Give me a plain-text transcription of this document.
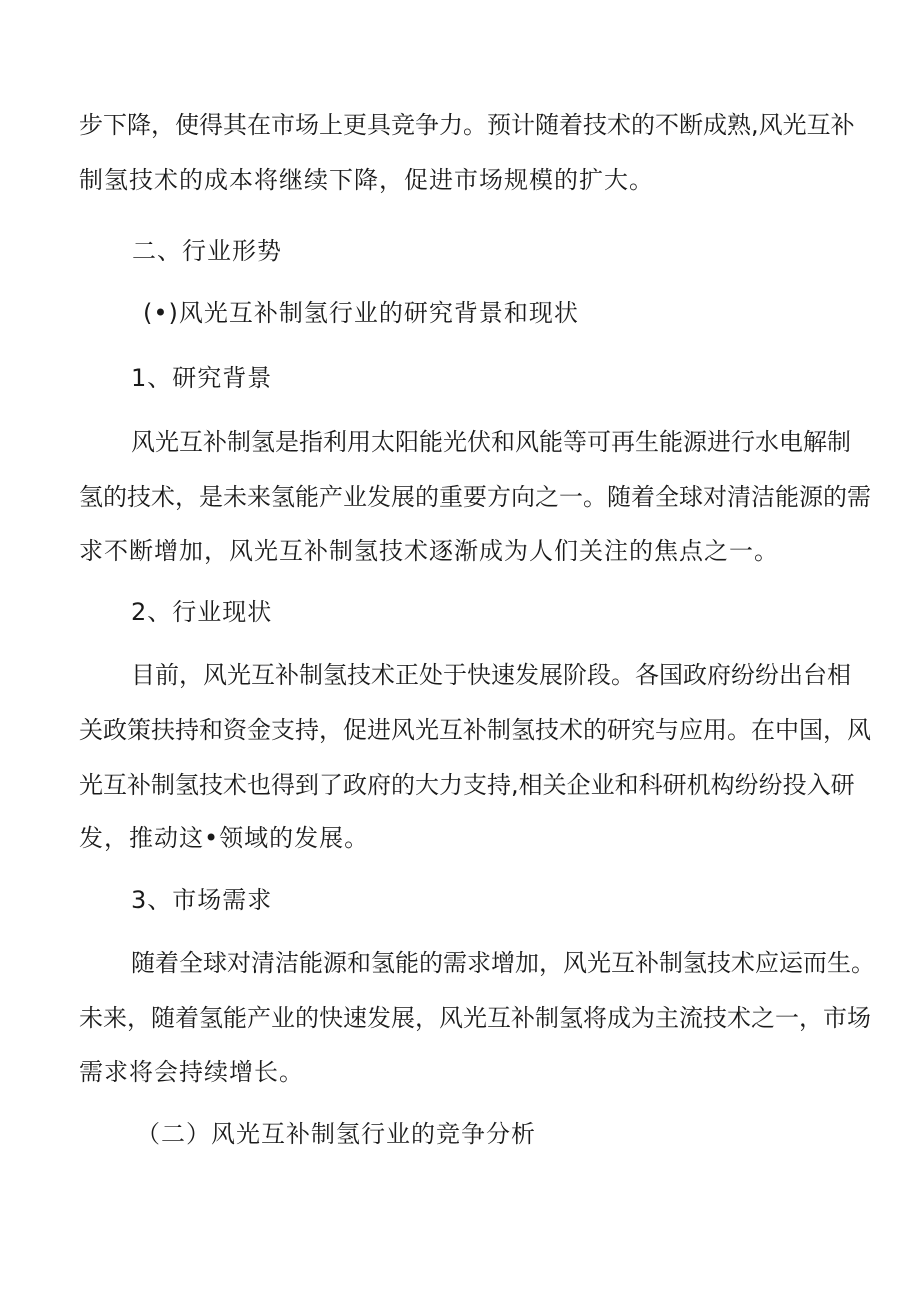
步下降，使得其在市场上更具竞争力。预计随着技术的不断成熟,风光互补
制氢技术的成本将继续下降，促进市场规模的扩大。
二、行业形势
(•)风光互补制氢行业的研究背景和现状
1、研究背景
风光互补制氢是指利用太阳能光伏和风能等可再生能源进行水电解制
氢的技术，是未来氢能产业发展的重要方向之一。随着全球对清洁能源的需
求不断增加，风光互补制氢技术逐渐成为人们关注的焦点之一。
2、行业现状
目前，风光互补制氢技术正处于快速发展阶段。各国政府纷纷出台相
关政策扶持和资金支持，促进风光互补制氢技术的研究与应用。在中国，风
光互补制氢技术也得到了政府的大力支持,相关企业和科研机构纷纷投入研
发，推动这•领域的发展。
3、市场需求
随着全球对清洁能源和氢能的需求增加，风光互补制氢技术应运而生。
未来，随着氢能产业的快速发展，风光互补制氢将成为主流技术之一，市场
需求将会持续增长。
（二）风光互补制氢行业的竞争分析
